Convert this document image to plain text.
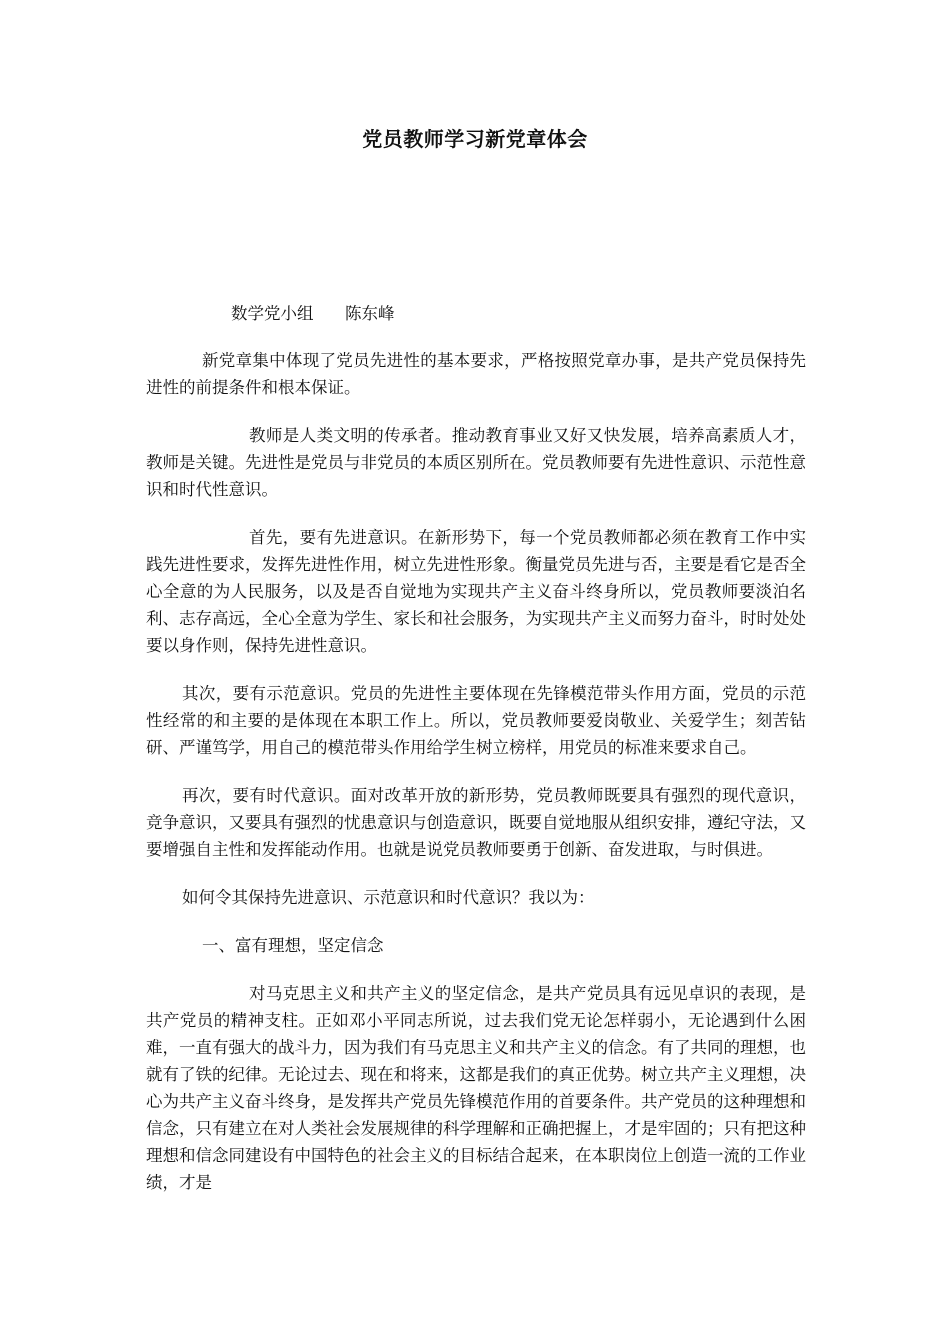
党员教师学习新党章体会
数学党小组      陈东峰

新党章集中体现了党员先进性的基本要求，严格按照党章办事，是共产党员保持先进性的前提条件和根本保证。

教师是人类文明的传承者。推动教育事业又好又快发展，培养高素质人才，教师是关键。先进性是党员与非党员的本质区别所在。党员教师要有先进性意识、示范性意识和时代性意识。

首先，要有先进意识。在新形势下，每一个党员教师都必须在教育工作中实践先进性要求，发挥先进性作用，树立先进性形象。衡量党员先进与否，主要是看它是否全心全意的为人民服务，以及是否自觉地为实现共产主义奋斗终身所以，党员教师要淡泊名利、志存高远，全心全意为学生、家长和社会服务，为实现共产主义而努力奋斗，时时处处要以身作则，保持先进性意识。

其次，要有示范意识。党员的先进性主要体现在先锋模范带头作用方面，党员的示范性经常的和主要的是体现在本职工作上。所以，党员教师要爱岗敬业、关爱学生；刻苦钻研、严谨笃学，用自己的模范带头作用给学生树立榜样，用党员的标准来要求自己。

再次，要有时代意识。面对改革开放的新形势，党员教师既要具有强烈的现代意识，竞争意识，又要具有强烈的忧患意识与创造意识，既要自觉地服从组织安排，遵纪守法，又要增强自主性和发挥能动作用。也就是说党员教师要勇于创新、奋发进取，与时俱进。

如何令其保持先进意识、示范意识和时代意识？我以为：

一、富有理想，坚定信念

对马克思主义和共产主义的坚定信念，是共产党员具有远见卓识的表现，是共产党员的精神支柱。正如邓小平同志所说，过去我们党无论怎样弱小，无论遇到什么困难，一直有强大的战斗力，因为我们有马克思主义和共产主义的信念。有了共同的理想，也就有了铁的纪律。无论过去、现在和将来，这都是我们的真正优势。树立共产主义理想，决心为共产主义奋斗终身，是发挥共产党员先锋模范作用的首要条件。共产党员的这种理想和信念，只有建立在对人类社会发展规律的科学理解和正确把握上，才是牢固的；只有把这种理想和信念同建设有中国特色的社会主义的目标结合起来，在本职岗位上创造一流的工作业绩，才是
